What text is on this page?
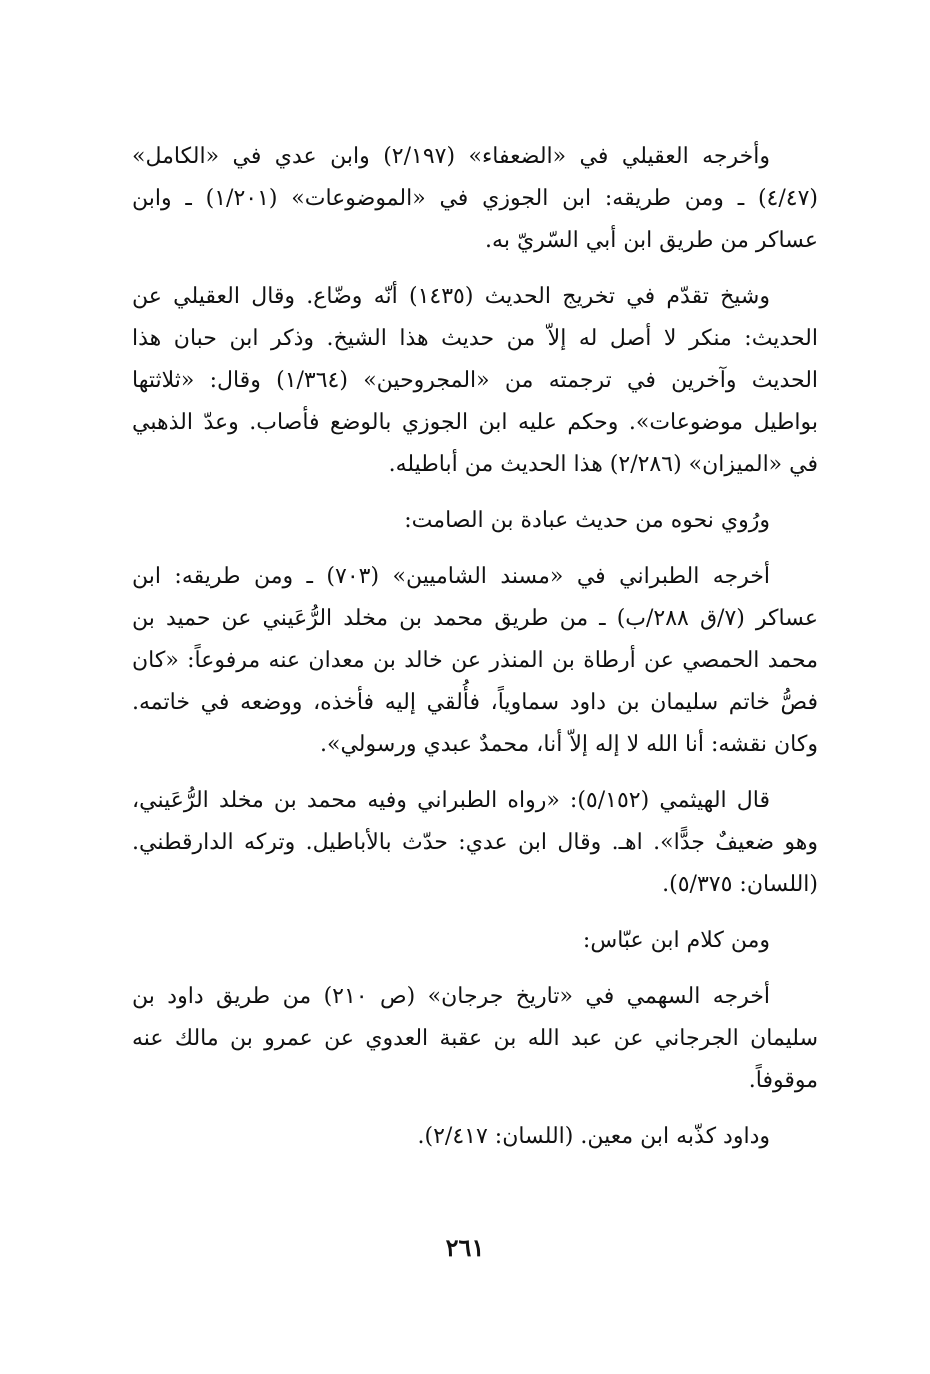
وأخرجه العقيلي في «الضعفاء» (٢/١٩٧) وابن عدي في «الكامل» (٤/٤٧) ـ ومن طريقه: ابن الجوزي في «الموضوعات» (١/٢٠١) ـ وابن عساكر من طريق ابن أبي السّريّ به.

وشيخ تقدّم في تخريج الحديث (١٤٣٥) أنّه وضّاع. وقال العقيلي عن الحديث: منكر لا أصل له إلاّ من حديث هذا الشيخ. وذكر ابن حبان هذا الحديث وآخرين في ترجمته من «المجروحين» (١/٣٦٤) وقال: «ثلاثتها بواطيل موضوعات». وحكم عليه ابن الجوزي بالوضع فأصاب. وعدّ الذهبي في «الميزان» (٢/٢٨٦) هذا الحديث من أباطيله.

ورُوي نحوه من حديث عبادة بن الصامت:

أخرجه الطبراني في «مسند الشاميين» (٧٠٣) ـ ومن طريقه: ابن عساكر (٧/ق ٢٨٨/ب) ـ من طريق محمد بن مخلد الرُّعَيني عن حميد بن محمد الحمصي عن أرطاة بن المنذر عن خالد بن معدان عنه مرفوعاً: «كان فصُّ خاتم سليمان بن داود سماوياً، فأُلقي إليه فأخذه، ووضعه في خاتمه. وكان نقشه: أنا الله لا إله إلاّ أنا، محمدٌ عبدي ورسولي».

قال الهيثمي (٥/١٥٢): «رواه الطبراني وفيه محمد بن مخلد الرُّعَيني، وهو ضعيفٌ جدًّا». اهـ. وقال ابن عدي: حدّث بالأباطيل. وتركه الدارقطني. (اللسان: ٥/٣٧٥).

ومن كلام ابن عبّاس:

أخرجه السهمي في «تاريخ جرجان» (ص ٢١٠) من طريق داود بن سليمان الجرجاني عن عبد الله بن عقبة العدوي عن عمرو بن مالك عنه موقوفاً.

وداود كذّبه ابن معين. (اللسان: ٢/٤١٧).

٢٦١
